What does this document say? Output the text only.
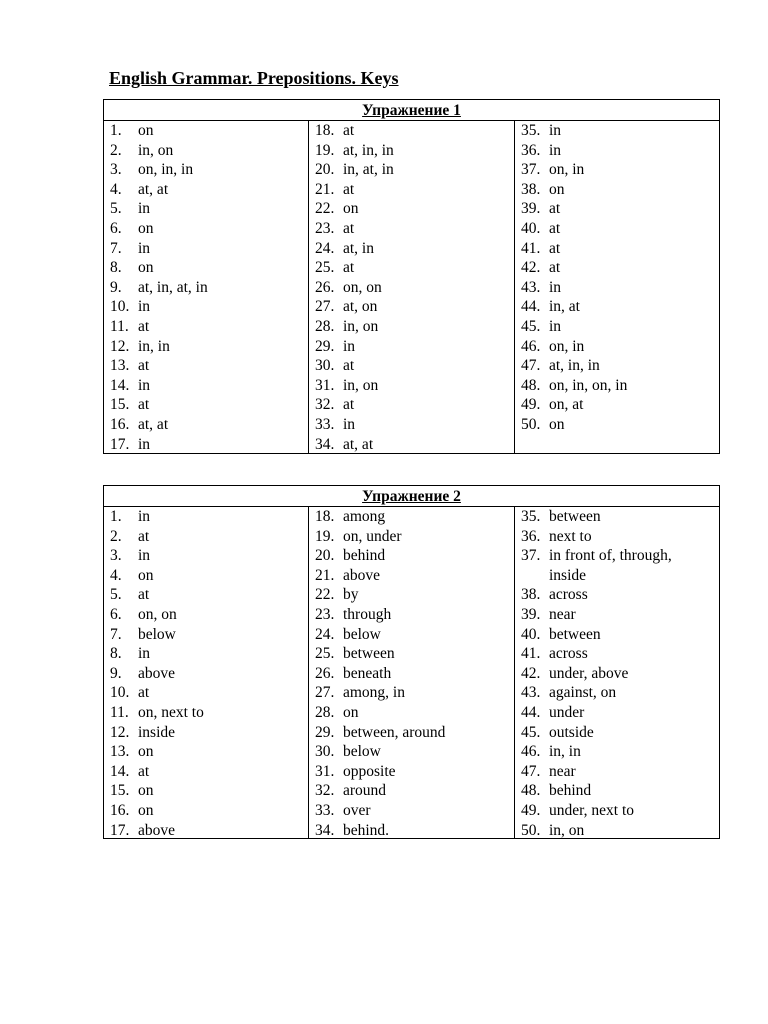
English Grammar. Prepositions. Keys
Упражнение 1
1.	on
2.	in, on
3.	on, in, in
4.	at, at
5.	in
6.	on
7.	in
8.	on
9.	at, in, at, in
10. in
11. at
12. in, in
13. at
14. in
15. at
16. at, at
17. in
18. at
19. at, in, in
20. in, at, in
21. at
22. on
23. at
24. at, in
25. at
26. on, on
27. at, on
28. in, on
29. in
30. at
31. in, on
32. at
33. in
34. at, at
35. in
36. in
37. on, in
38. on
39. at
40. at
41. at
42. at
43. in
44. in, at
45. in
46. on, in
47. at, in, in
48. on, in, on, in
49. on, at
50. on
Упражнение 2
1.	in
2.	at
3.	in
4.	on
5.	at
6.	on, on
7.	below
8.	in
9.	above
10. at
11. on, next to
12. inside
13. on
14. at
15. on
16. on
17. above
18. among
19. on, under
20. behind
21. above
22. by
23. through
24. below
25. between
26. beneath
27. among, in
28. on
29. between, around
30. below
31. opposite
32. around
33. over
34. behind.
35. between
36. next to
37. in front of, through,
inside
38. across
39. near
40. between
41. across
42. under, above
43. against, on
44. under
45. outside
46. in, in
47. near
48. behind
49. under, next to
50. in, on
